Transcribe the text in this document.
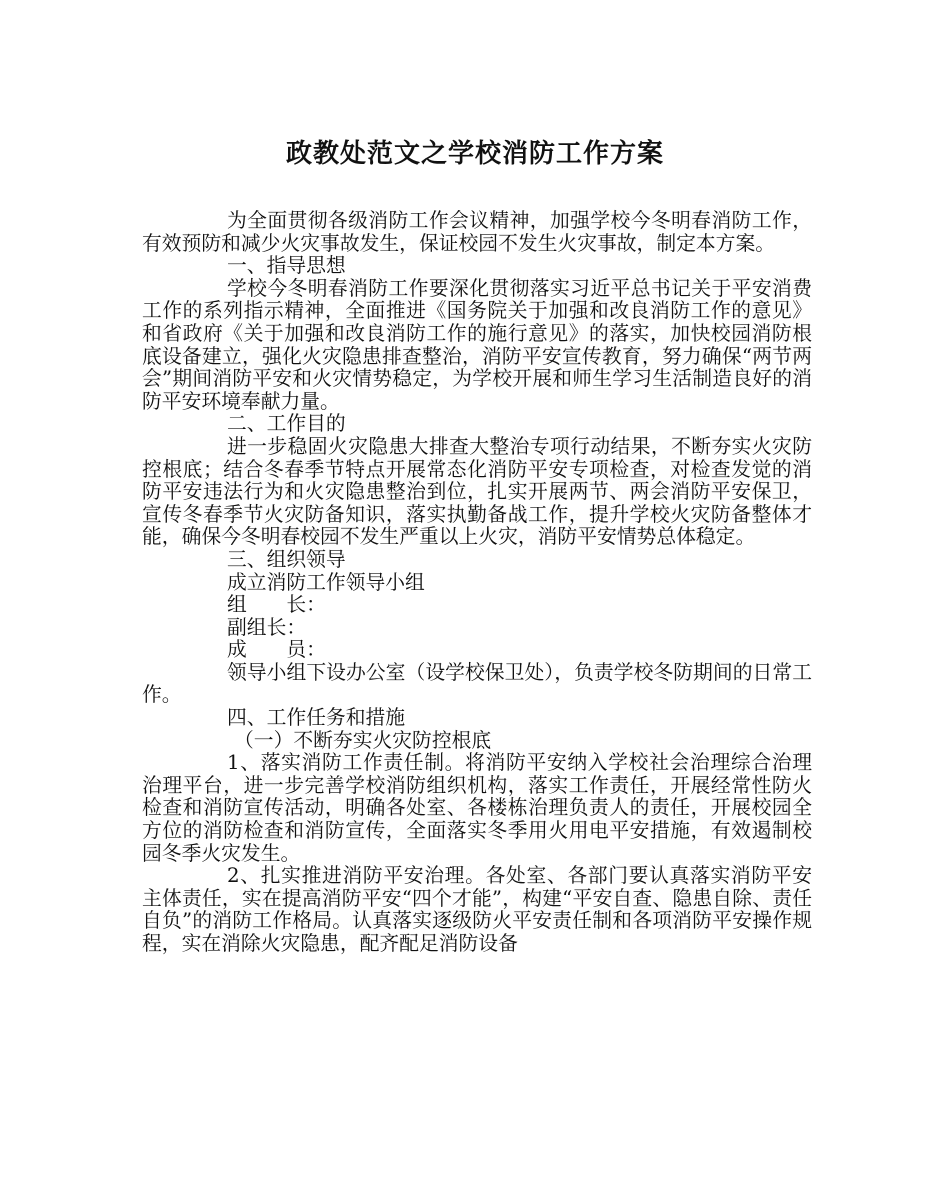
政教处范文之学校消防工作方案

为全面贯彻各级消防工作会议精神，加强学校今冬明春消防工作，有效预防和减少火灾事故发生，保证校园不发生火灾事故，制定本方案。

一、指导思想

学校今冬明春消防工作要深化贯彻落实习近平总书记关于平安消费工作的系列指示精神，全面推进《国务院关于加强和改良消防工作的意见》和省政府《关于加强和改良消防工作的施行意见》的落实，加快校园消防根底设备建立，强化火灾隐患排查整治，消防平安宣传教育，努力确保“两节两会”期间消防平安和火灾情势稳定，为学校开展和师生学习生活制造良好的消防平安环境奉献力量。

二、工作目的

进一步稳固火灾隐患大排查大整治专项行动结果，不断夯实火灾防控根底；结合冬春季节特点开展常态化消防平安专项检查，对检查发觉的消防平安违法行为和火灾隐患整治到位，扎实开展两节、两会消防平安保卫，宣传冬春季节火灾防备知识，落实执勤备战工作，提升学校火灾防备整体才能，确保今冬明春校园不发生严重以上火灾，消防平安情势总体稳定。

三、组织领导

成立消防工作领导小组

组　　长：

副组长：

成　　员：

领导小组下设办公室（设学校保卫处），负责学校冬防期间的日常工作。

四、工作任务和措施

（一）不断夯实火灾防控根底

1、落实消防工作责任制。将消防平安纳入学校社会治理综合治理治理平台，进一步完善学校消防组织机构，落实工作责任，开展经常性防火检查和消防宣传活动，明确各处室、各楼栋治理负责人的责任，开展校园全方位的消防检查和消防宣传，全面落实冬季用火用电平安措施，有效遏制校园冬季火灾发生。

2、扎实推进消防平安治理。各处室、各部门要认真落实消防平安主体责任，实在提高消防平安“四个才能”，构建“平安自查、隐患自除、责任自负”的消防工作格局。认真落实逐级防火平安责任制和各项消防平安操作规程，实在消除火灾隐患，配齐配足消防设备
